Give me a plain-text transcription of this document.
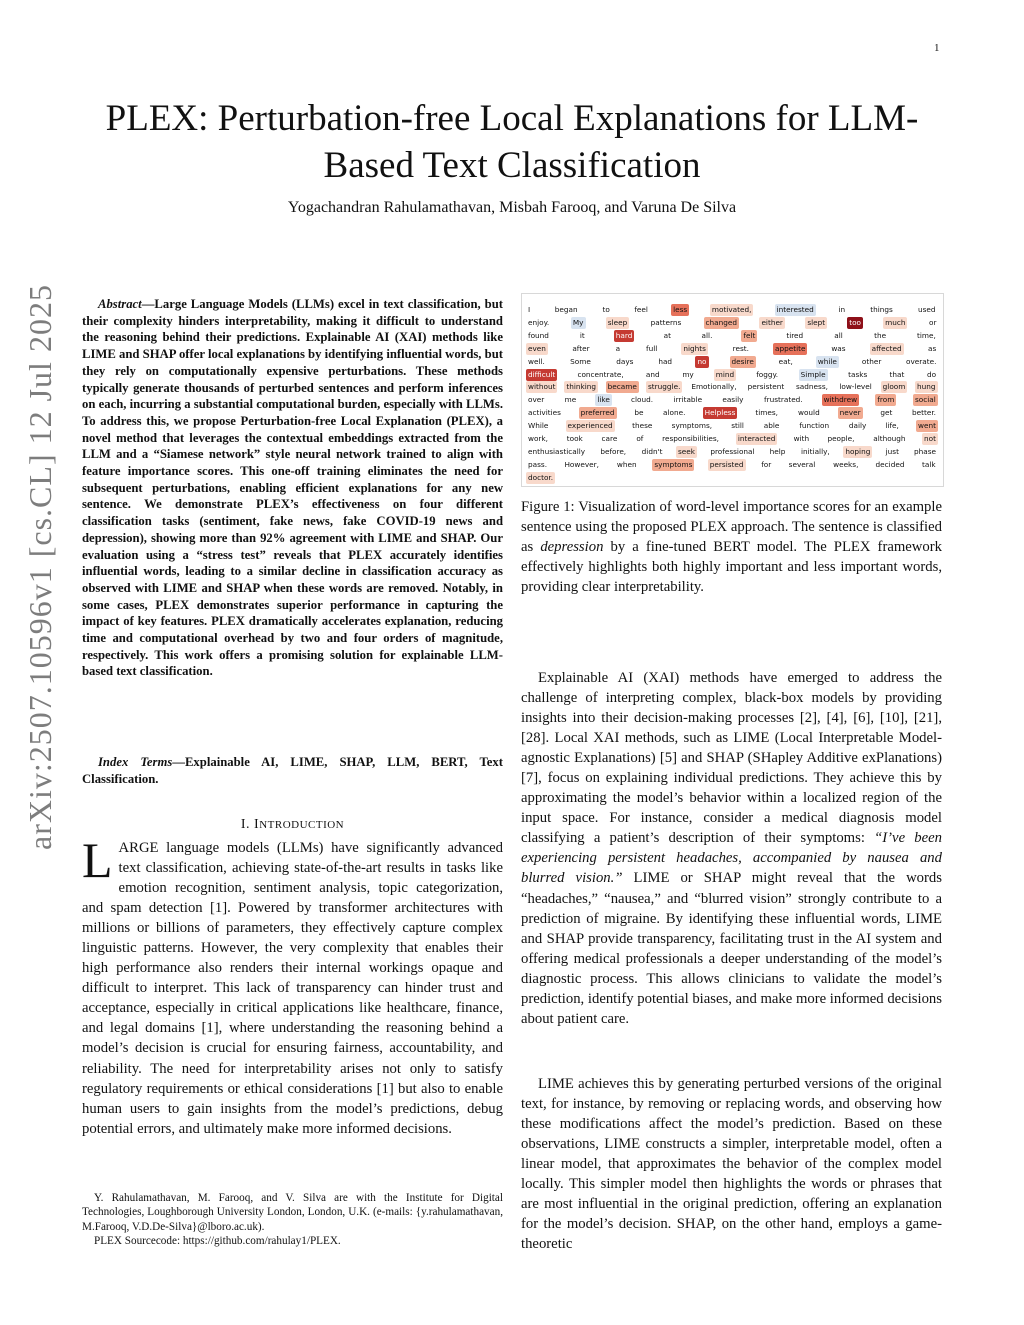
1
arXiv:2507.10596v1 [cs.CL] 12 Jul 2025
PLEX: Perturbation-free Local Explanations for LLM-Based Text Classification
Yogachandran Rahulamathavan, Misbah Farooq, and Varuna De Silva
Abstract—Large Language Models (LLMs) excel in text classification, but their complexity hinders interpretability, making it difficult to understand the reasoning behind their predictions. Explainable AI (XAI) methods like LIME and SHAP offer local explanations by identifying influential words, but they rely on computationally expensive perturbations. These methods typically generate thousands of perturbed sentences and perform inferences on each, incurring a substantial computational burden, especially with LLMs. To address this, we propose Perturbation-free Local Explanation (PLEX), a novel method that leverages the contextual embeddings extracted from the LLM and a “Siamese network” style neural network trained to align with feature importance scores. This one-off training eliminates the need for subsequent perturbations, enabling efficient explanations for any new sentence. We demonstrate PLEX’s effectiveness on four different classification tasks (sentiment, fake news, fake COVID-19 news and depression), showing more than 92% agreement with LIME and SHAP. Our evaluation using a “stress test” reveals that PLEX accurately identifies influential words, leading to a similar decline in classification accuracy as observed with LIME and SHAP when these words are removed. Notably, in some cases, PLEX demonstrates superior performance in capturing the impact of key features. PLEX dramatically accelerates explanation, reducing time and computational overhead by two and four orders of magnitude, respectively. This work offers a promising solution for explainable LLM-based text classification.
Index Terms—Explainable AI, LIME, SHAP, LLM, BERT, Text Classification.
I. INTRODUCTION
LARGE language models (LLMs) have significantly advanced text classification, achieving state-of-the-art results in tasks like emotion recognition, sentiment analysis, topic categorization, and spam detection [1]. Powered by transformer architectures with millions or billions of parameters, they effectively capture complex linguistic patterns. However, the very complexity that enables their high performance also renders their internal workings opaque and difficult to interpret. This lack of transparency can hinder trust and acceptance, especially in critical applications like healthcare, finance, and legal domains [1], where understanding the reasoning behind a model’s decision is crucial for ensuring fairness, accountability, and reliability. The need for interpretability arises not only to satisfy regulatory requirements or ethical considerations [1] but also to enable human users to gain insights from the model’s predictions, debug potential errors, and ultimately make more informed decisions.

Y. Rahulamathavan, M. Farooq, and V. Silva are with the Institute for Digital Technologies, Loughborough University London, London, U.K. (e-mails: {y.rahulamathavan, M.Farooq, V.D.De-Silva}@lboro.ac.uk).

PLEX Sourcecode: https://github.com/rahulay1/PLEX.

I	began	to	feel	less	motivated,	interested	in	things	used
enjoy.	My	sleep	patterns	changed	either	slept	too	much	or
found	it	hard	at	all.	felt	tired	all	the	time,
even	after	a	full	nights	rest.	appetite	was	affected	as
well.	Some	days	had	no	desire	eat,	while	other	overate.
difficult	concentrate,	and	my	mind	foggy.	Simple	tasks	that	do
without thinking became struggle. Emotionally, persistent sadness, low-level gloom hung
over	me	like	cloud.	irritable	easily	frustrated.	withdrew	from	social
activities	preferred	be	alone.	Helpless	times,	would	never	get	better.
While	experienced	these	symptoms,	still	able	function	daily	life,	went
work,	took	care	of	responsibilities,	interacted	with	people,	although	not
enthusiastically before, didn't seek professional help initially, hoping just phase
pass. However, when symptoms persisted for several weeks, decided talk
doctor.
Figure 1: Visualization of word-level importance scores for an example sentence using the proposed PLEX approach. The sentence is classified as depression by a fine-tuned BERT model. The PLEX framework effectively highlights both highly important and less important words, providing clear interpretability.
Explainable AI (XAI) methods have emerged to address the challenge of interpreting complex, black-box models by providing insights into their decision-making processes [2], [4], [6], [10], [21], [28]. Local XAI methods, such as LIME (Local Interpretable Model-agnostic Explanations) [5] and SHAP (SHapley Additive exPlanations) [7], focus on explaining individual predictions. They achieve this by approximating the model’s behavior within a localized region of the input space. For instance, consider a medical diagnosis model classifying a patient’s description of their symptoms: “I’ve been experiencing persistent headaches, accompanied by nausea and blurred vision.” LIME or SHAP might reveal that the words “headaches,” “nausea,” and “blurred vision” strongly contribute to a prediction of migraine. By identifying these influential words, LIME and SHAP provide transparency, facilitating trust in the AI system and offering medical professionals a deeper understanding of the model’s diagnostic process. This allows clinicians to validate the model’s prediction, identify potential biases, and make more informed decisions about patient care.
LIME achieves this by generating perturbed versions of the original text, for instance, by removing or replacing words, and observing how these modifications affect the model’s prediction. Based on these observations, LIME constructs a simpler, interpretable model, often a linear model, that approximates the behavior of the complex model locally. This simpler model then highlights the words or phrases that are most influential in the original prediction, offering an explanation for the model’s decision. SHAP, on the other hand, employs a game-theoretic
